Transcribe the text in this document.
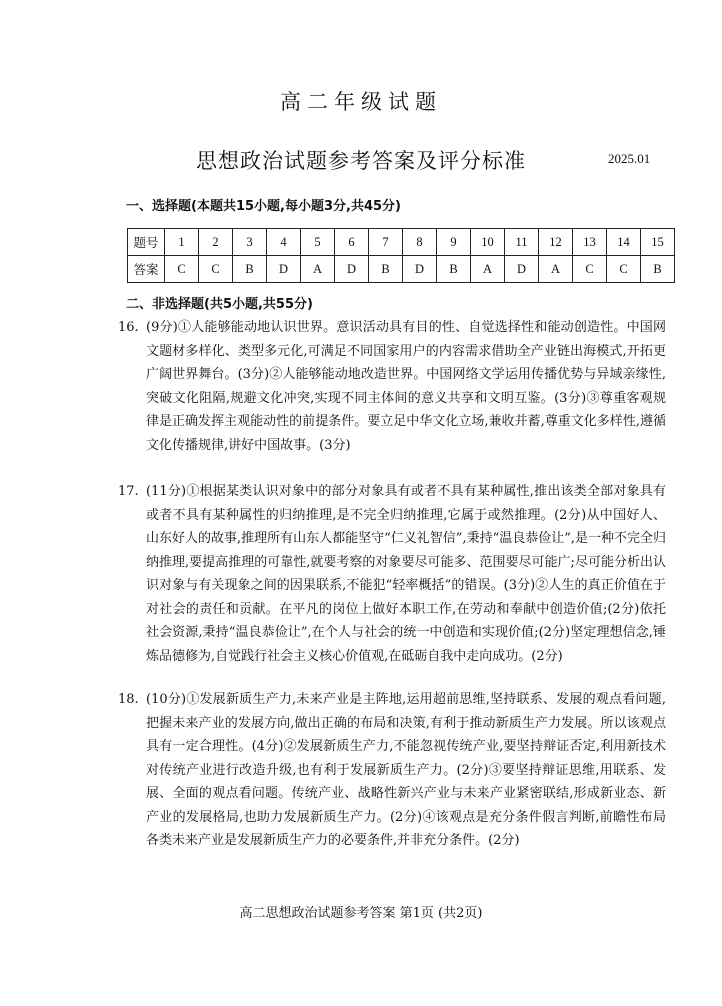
高二年级试题
思想政治试题参考答案及评分标准	2025.01
一、选择题(本题共15小题,每小题3分,共45分)
题号	1	2	3	4	5	6	7	8	9	10	11	12	13	14	15
答案	C	C	B	D	A	D	B	D	B	A	D	A	C	C	B
二、非选择题(共5小题,共55分)
16. (9分)①人能够能动地认识世界。意识活动具有目的性、自觉选择性和能动创造性。中国网文题材多样化、类型多元化,可满足不同国家用户的内容需求借助全产业链出海模式,开拓更广阔世界舞台。(3分)②人能够能动地改造世界。中国网络文学运用传播优势与异域亲缘性,突破文化阻隔,规避文化冲突,实现不同主体间的意义共享和文明互鉴。(3分)③尊重客观规律是正确发挥主观能动性的前提条件。要立足中华文化立场,兼收并蓄,尊重文化多样性,遵循文化传播规律,讲好中国故事。(3分)
17. (11分)①根据某类认识对象中的部分对象具有或者不具有某种属性,推出该类全部对象具有或者不具有某种属性的归纳推理,是不完全归纳推理,它属于或然推理。(2分)从中国好人、山东好人的故事,推理所有山东人都能坚守“仁义礼智信”,秉持“温良恭俭让”,是一种不完全归纳推理,要提高推理的可靠性,就要考察的对象要尽可能多、范围要尽可能广;尽可能分析出认识对象与有关现象之间的因果联系,不能犯“轻率概括”的错误。(3分)②人生的真正价值在于对社会的责任和贡献。在平凡的岗位上做好本职工作,在劳动和奉献中创造价值;(2分)依托社会资源,秉持“温良恭俭让”,在个人与社会的统一中创造和实现价值;(2分)坚定理想信念,锤炼品德修为,自觉践行社会主义核心价值观,在砥砺自我中走向成功。(2分)
18. (10分)①发展新质生产力,未来产业是主阵地,运用超前思维,坚持联系、发展的观点看问题,把握未来产业的发展方向,做出正确的布局和决策,有利于推动新质生产力发展。所以该观点具有一定合理性。(4分)②发展新质生产力,不能忽视传统产业,要坚持辩证否定,利用新技术对传统产业进行改造升级,也有利于发展新质生产力。(2分)③要坚持辩证思维,用联系、发展、全面的观点看问题。传统产业、战略性新兴产业与未来产业紧密联结,形成新业态、新产业的发展格局,也助力发展新质生产力。(2分)④该观点是充分条件假言判断,前瞻性布局各类未来产业是发展新质生产力的必要条件,并非充分条件。(2分)
高二思想政治试题参考答案 第1页 (共2页)
